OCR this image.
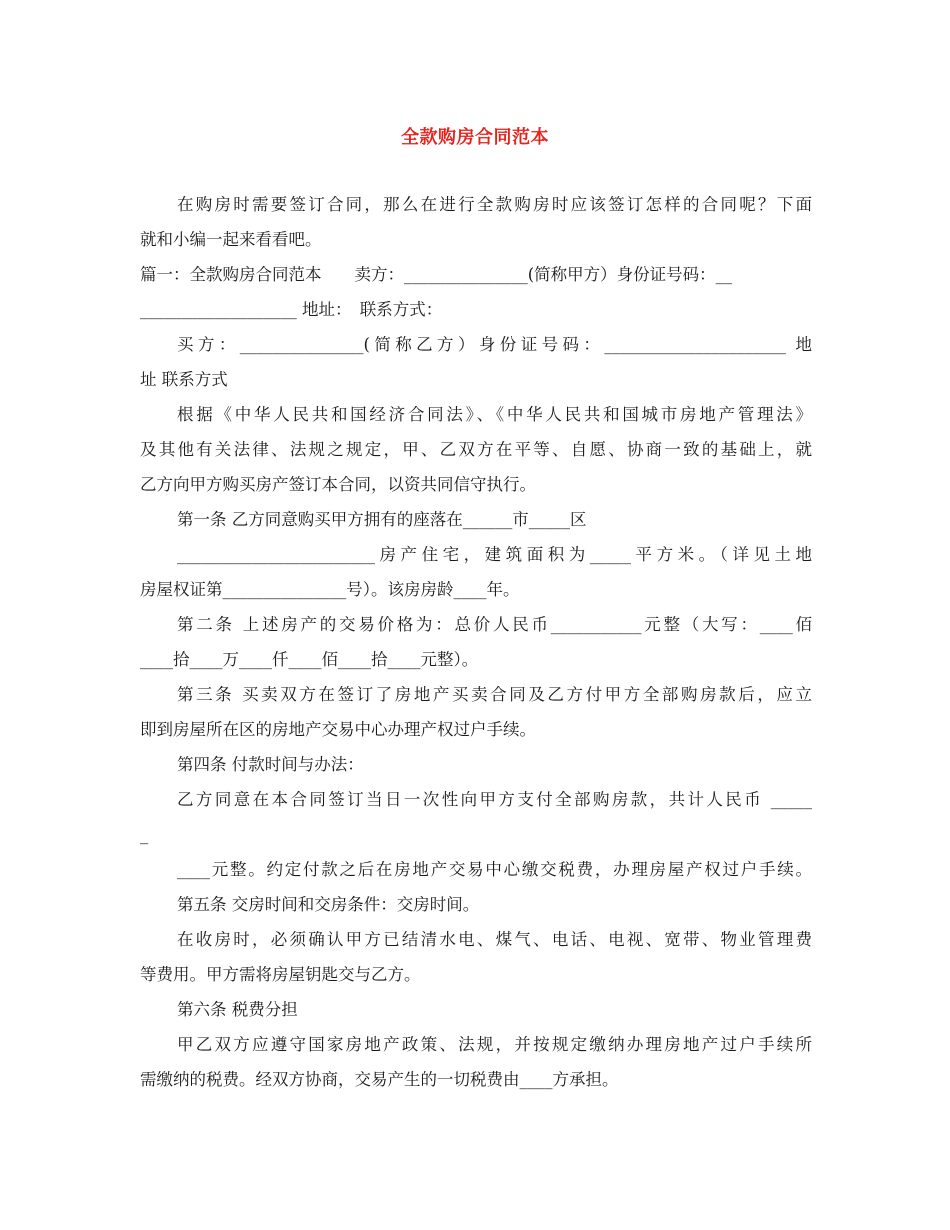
全款购房合同范本
在购房时需要签订合同，那么在进行全款购房时应该签订怎样的合同呢？下面
就和小编一起来看看吧。
篇一：全款购房合同范本　　卖方：_______________(简称甲方）身份证号码：__
___________________ 地址：　联系方式：
买方：_______________(简称乙方）身份证号码：______________________ 地
址 联系方式
根据《中华人民共和国经济合同法》、《中华人民共和国城市房地产管理法》
及其他有关法律、法规之规定，甲、乙双方在平等、自愿、协商一致的基础上，就
乙方向甲方购买房产签订本合同，以资共同信守执行。
第一条 乙方同意购买甲方拥有的座落在______市_____区
________________________房产住宅，建筑面积为_____平方米。（详见土地
房屋权证第_______________号）。该房房龄____年。
第二条 上述房产的交易价格为：总价人民币___________元整（大写：____佰
____拾____万____仟____佰____拾____元整）。
第三条 买卖双方在签订了房地产买卖合同及乙方付甲方全部购房款后，应立
即到房屋所在区的房地产交易中心办理产权过户手续。
第四条 付款时间与办法：
乙方同意在本合同签订当日一次性向甲方支付全部购房款，共计人民币 _____
_
____元整。约定付款之后在房地产交易中心缴交税费，办理房屋产权过户手续。
第五条 交房时间和交房条件：交房时间。
在收房时，必须确认甲方已结清水电、煤气、电话、电视、宽带、物业管理费
等费用。甲方需将房屋钥匙交与乙方。
第六条 税费分担
甲乙双方应遵守国家房地产政策、法规，并按规定缴纳办理房地产过户手续所
需缴纳的税费。经双方协商，交易产生的一切税费由____方承担。
